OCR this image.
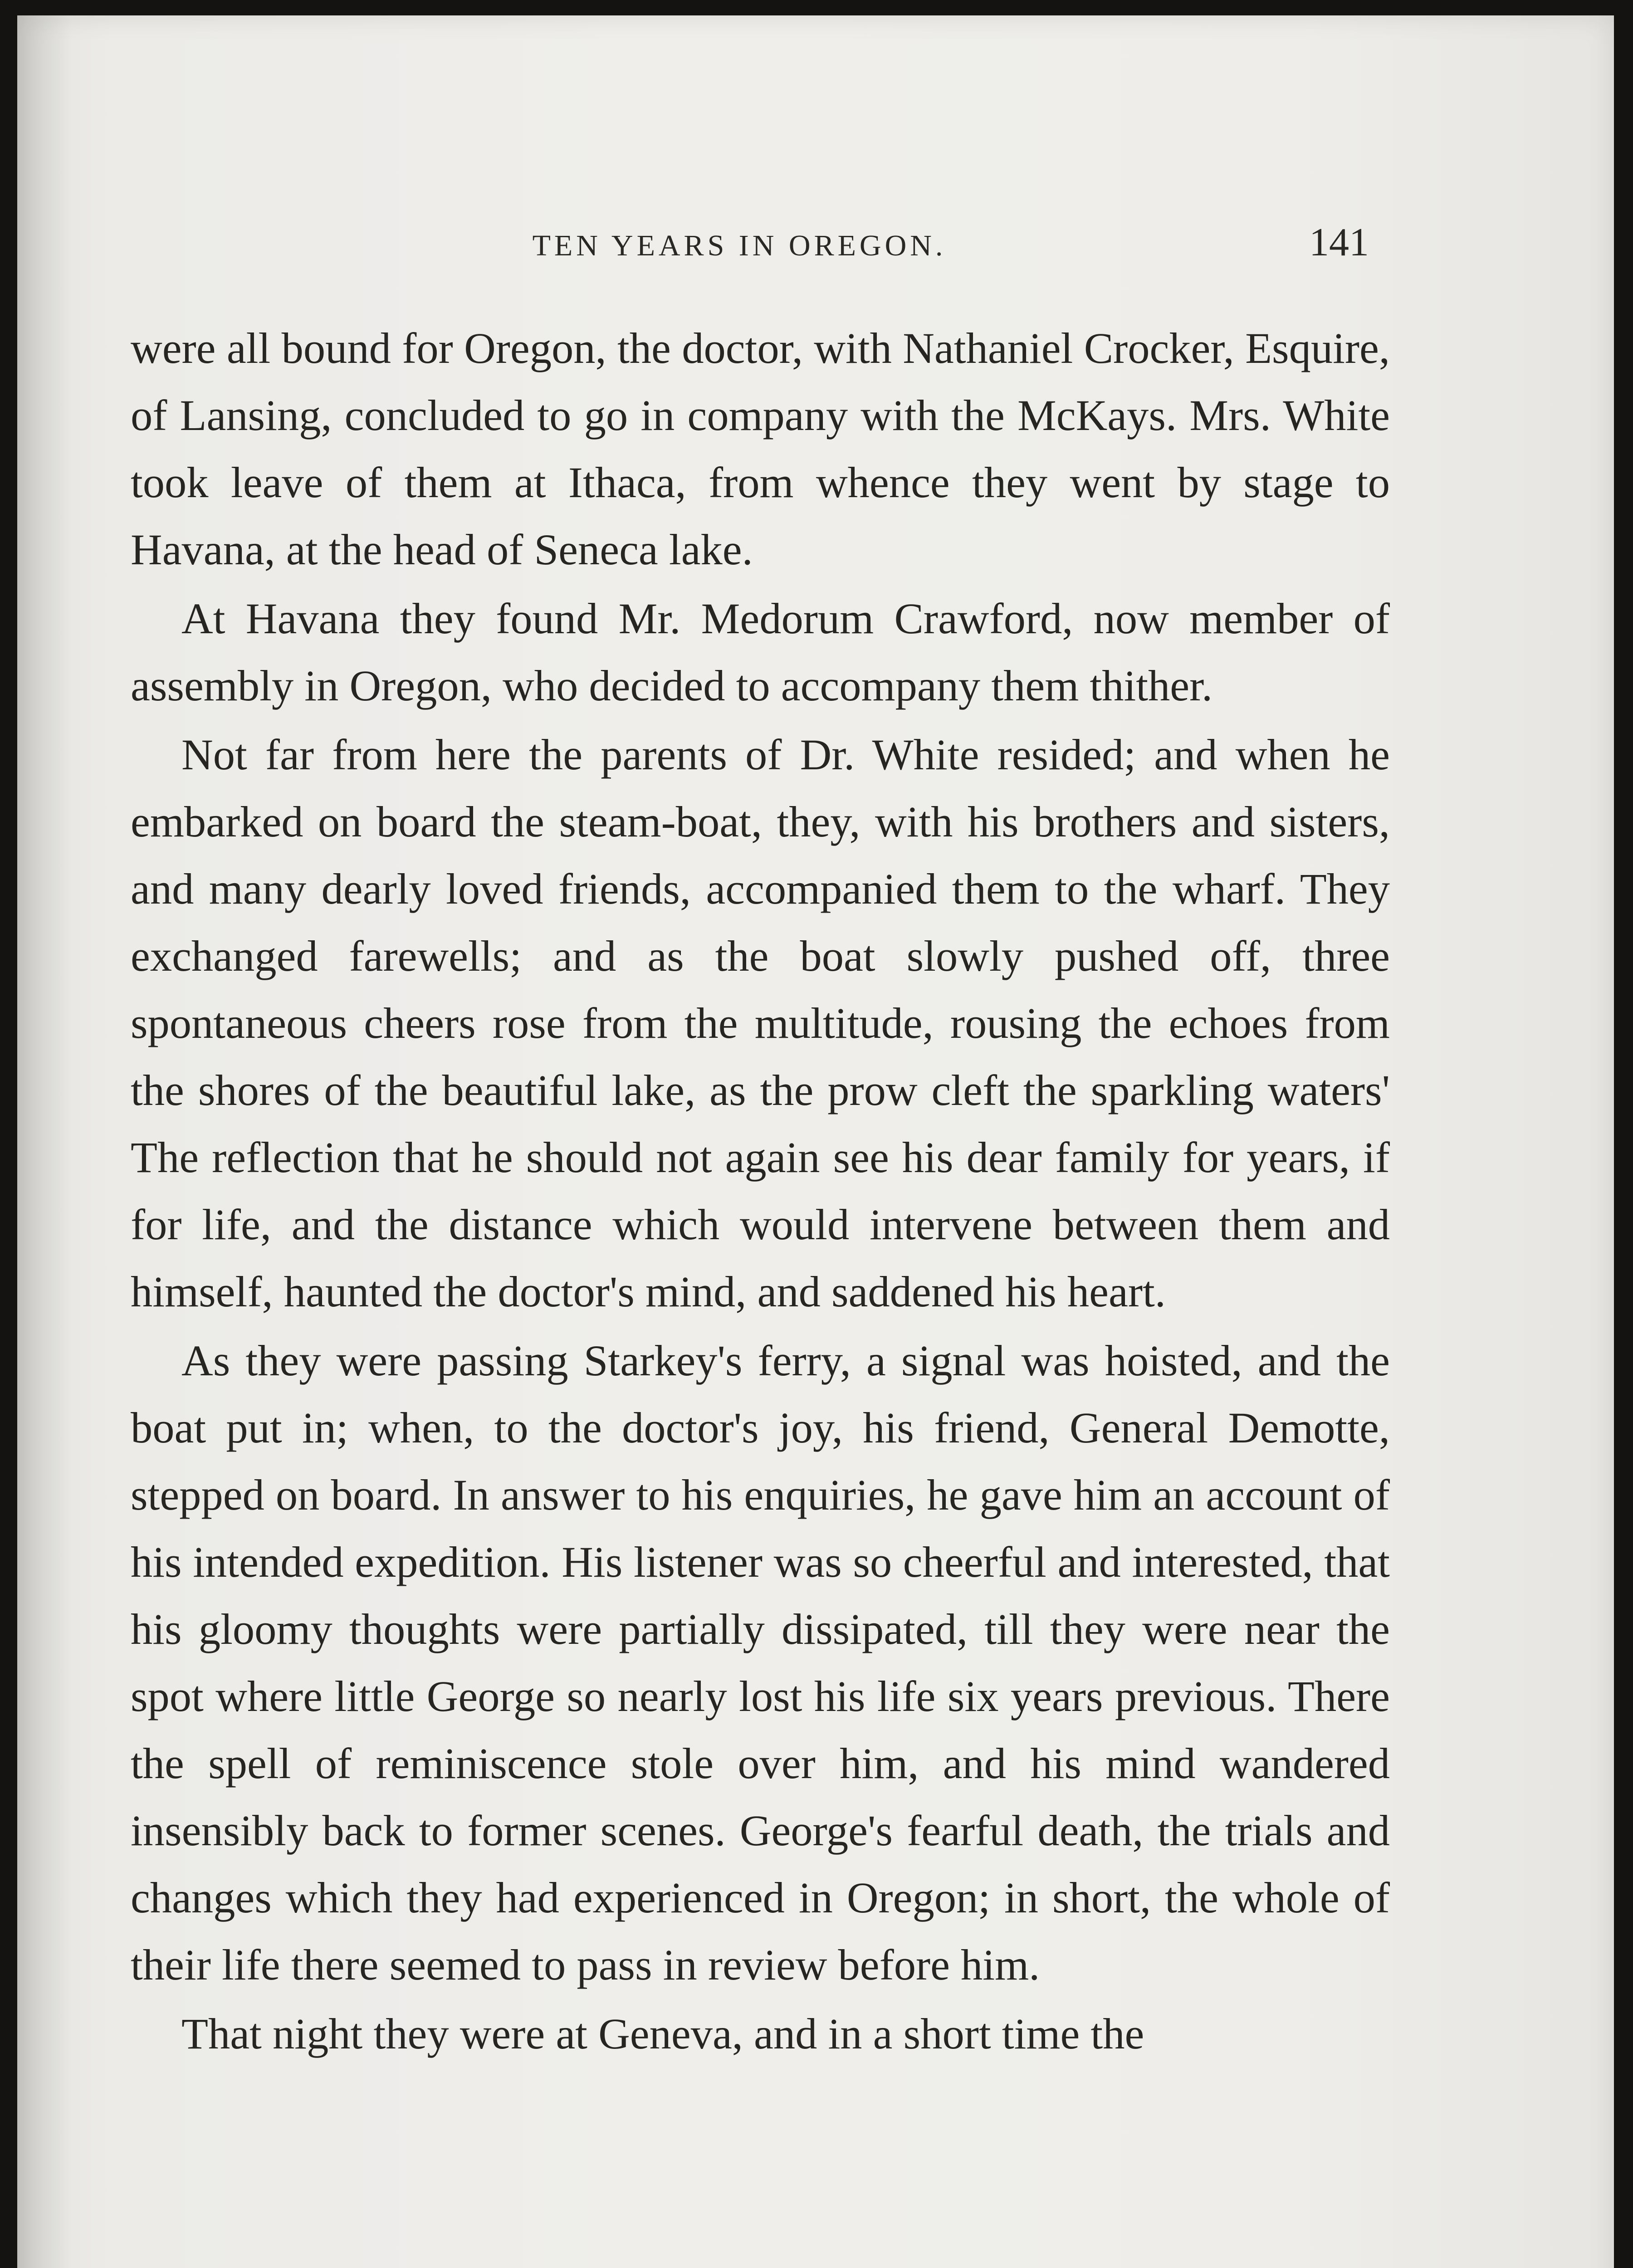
TEN YEARS IN OREGON.	141

were all bound for Oregon, the doctor, with Nathaniel Crocker, Esquire, of Lansing, concluded to go in company with the McKays. Mrs. White took leave of them at Ithaca, from whence they went by stage to Havana, at the head of Seneca lake.

At Havana they found Mr. Medorum Crawford, now member of assembly in Oregon, who decided to accompany them thither.

Not far from here the parents of Dr. White resided; and when he embarked on board the steam-boat, they, with his brothers and sisters, and many dearly loved friends, accompanied them to the wharf. They exchanged farewells; and as the boat slowly pushed off, three spontaneous cheers rose from the multitude, rousing the echoes from the shores of the beautiful lake, as the prow cleft the sparkling waters' The reflection that he should not again see his dear family for years, if for life, and the distance which would intervene between them and himself, haunted the doctor's mind, and saddened his heart.

As they were passing Starkey's ferry, a signal was hoisted, and the boat put in; when, to the doctor's joy, his friend, General Demotte, stepped on board. In answer to his enquiries, he gave him an account of his intended expedition. His listener was so cheerful and interested, that his gloomy thoughts were partially dissipated, till they were near the spot where little George so nearly lost his life six years previous. There the spell of reminiscence stole over him, and his mind wandered insensibly back to former scenes. George's fearful death, the trials and changes which they had experienced in Oregon; in short, the whole of their life there seemed to pass in review before him.

That night they were at Geneva, and in a short time the
